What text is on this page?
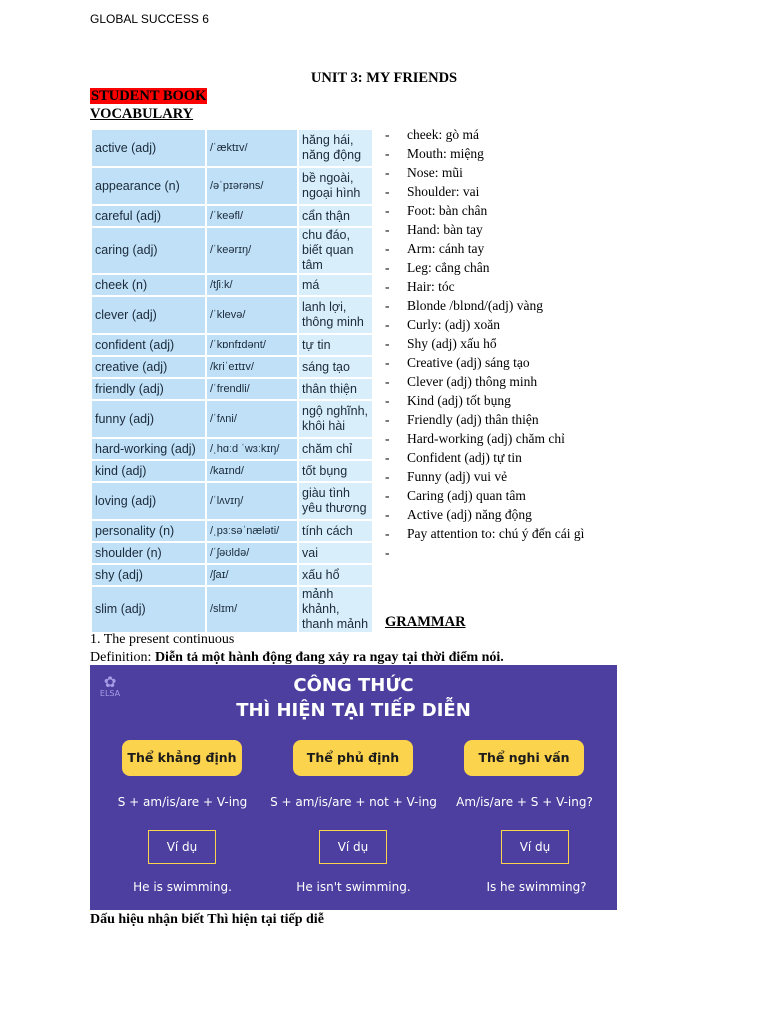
GLOBAL SUCCESS 6
UNIT 3: MY FRIENDS
STUDENT BOOK
VOCABULARY
active (adj)	/ˈæktɪv/	hăng hái, năng động
appearance (n)	/əˈpɪərəns/	bề ngoài, ngoại hình
careful (adj)	/ˈkeəfl/	cẩn thận
caring (adj)	/ˈkeərɪŋ/	chu đáo, biết quan tâm
cheek (n)	/tʃiːk/	má
clever (adj)	/ˈklevə/	lanh lợi, thông minh
confident (adj)	/ˈkɒnfɪdənt/	tự tin
creative (adj)	/kriˈeɪtɪv/	sáng tạo
friendly (adj)	/ˈfrendli/	thân thiện
funny (adj)	/ˈfʌni/	ngộ nghĩnh, khôi hài
hard-working (adj)	/ˌhɑːd ˈwɜːkɪŋ/	chăm chỉ
kind (adj)	/kaɪnd/	tốt bụng
loving (adj)	/ˈlʌvɪŋ/	giàu tình yêu thương
personality (n)	/ˌpɜːsəˈnæləti/	tính cách
shoulder (n)	/ˈʃəʊldə/	vai
shy (adj)	/ʃaɪ/	xấu hổ
slim (adj)	/slɪm/	mảnh khảnh, thanh mảnh
- cheek: gò má
- Mouth: miệng
- Nose: mũi
- Shoulder: vai
- Foot: bàn chân
- Hand: bàn tay
- Arm: cánh tay
- Leg: cẳng chân
- Hair: tóc
- Blonde /blɒnd/(adj) vàng
- Curly: (adj) xoăn
- Shy (adj) xấu hổ
- Creative (adj) sáng tạo
- Clever (adj) thông minh
- Kind (adj) tốt bụng
- Friendly (adj) thân thiện
- Hard-working (adj) chăm chỉ
- Confident (adj) tự tin
- Funny (adj) vui vẻ
- Caring (adj) quan tâm
- Active (adj) năng động
- Pay attention to: chú ý đến cái gì
-
GRAMMAR
1. The present continuous
Definition: Diễn tả một hành động đang xảy ra ngay tại thời điểm nói.
✿
ELSA	CÔNG THỨC
THÌ HIỆN TẠI TIẾP DIỄN
Thể khẳng định	Thể phủ định	Thể nghi vấn
S + am/is/are + V-ing	S + am/is/are + not + V-ing	Am/is/are + S + V-ing?
Ví dụ	Ví dụ	Ví dụ
He is swimming.	He isn't swimming.	Is he swimming?
Dấu hiệu nhận biết Thì hiện tại tiếp diễ
